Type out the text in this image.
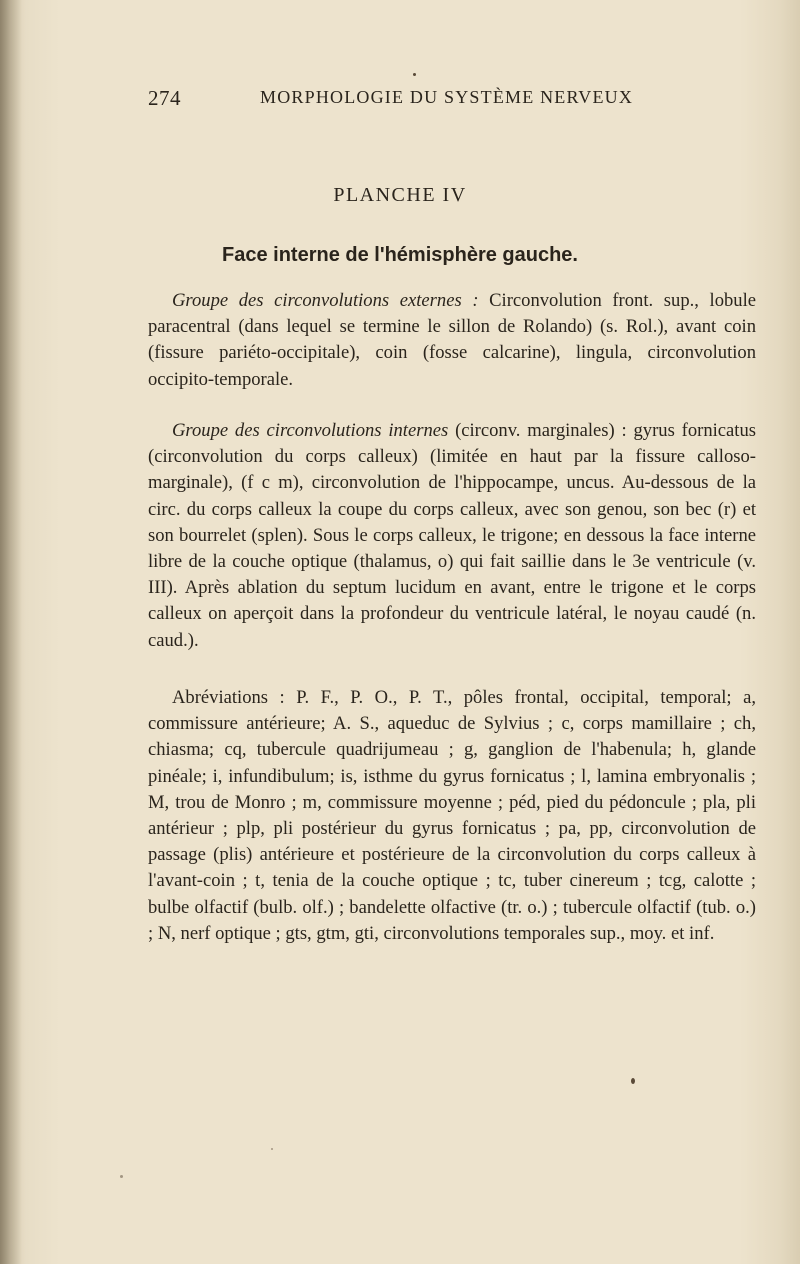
274	MORPHOLOGIE DU SYSTÈME NERVEUX
PLANCHE IV
Face interne de l'hémisphère gauche.

Groupe des circonvolutions externes : Circonvolution front. sup., lobule paracentral (dans lequel se termine le sillon de Rolando) (s. Rol.), avant coin (fissure pariéto-occipitale), coin (fosse calcarine), lingula, circonvolution occipito-temporale.

Groupe des circonvolutions internes (circonv. marginales) : gyrus fornicatus (circonvolution du corps calleux) (limitée en haut par la fissure calloso-marginale), (f c m), circonvolution de l'hippocampe, uncus. Au-dessous de la circ. du corps calleux la coupe du corps calleux, avec son genou, son bec (r) et son bourrelet (splen). Sous le corps calleux, le trigone; en dessous la face interne libre de la couche optique (thalamus, o) qui fait saillie dans le 3e ventricule (v. III). Après ablation du septum lucidum en avant, entre le trigone et le corps calleux on aperçoit dans la profondeur du ventricule latéral, le noyau caudé (n. caud.).

Abréviations : P. F., P. O., P. T., pôles frontal, occipital, temporal; a, commissure antérieure; A. S., aqueduc de Sylvius ; c, corps mamillaire ; ch, chiasma; cq, tubercule quadrijumeau ; g, ganglion de l'habenula; h, glande pinéale; i, infundibulum; is, isthme du gyrus fornicatus ; l, lamina embryonalis ; M, trou de Monro ; m, commissure moyenne ; péd, pied du pédoncule ; pla, pli antérieur ; plp, pli postérieur du gyrus fornicatus ; pa, pp, circonvolution de passage (plis) antérieure et postérieure de la circonvolution du corps calleux à l'avant-coin ; t, tenia de la couche optique ; tc, tuber cinereum ; tcg, calotte ; bulbe olfactif (bulb. olf.) ; bandelette olfactive (tr. o.) ; tubercule olfactif (tub. o.) ; N, nerf optique ; gts, gtm, gti, circonvolutions temporales sup., moy. et inf.
